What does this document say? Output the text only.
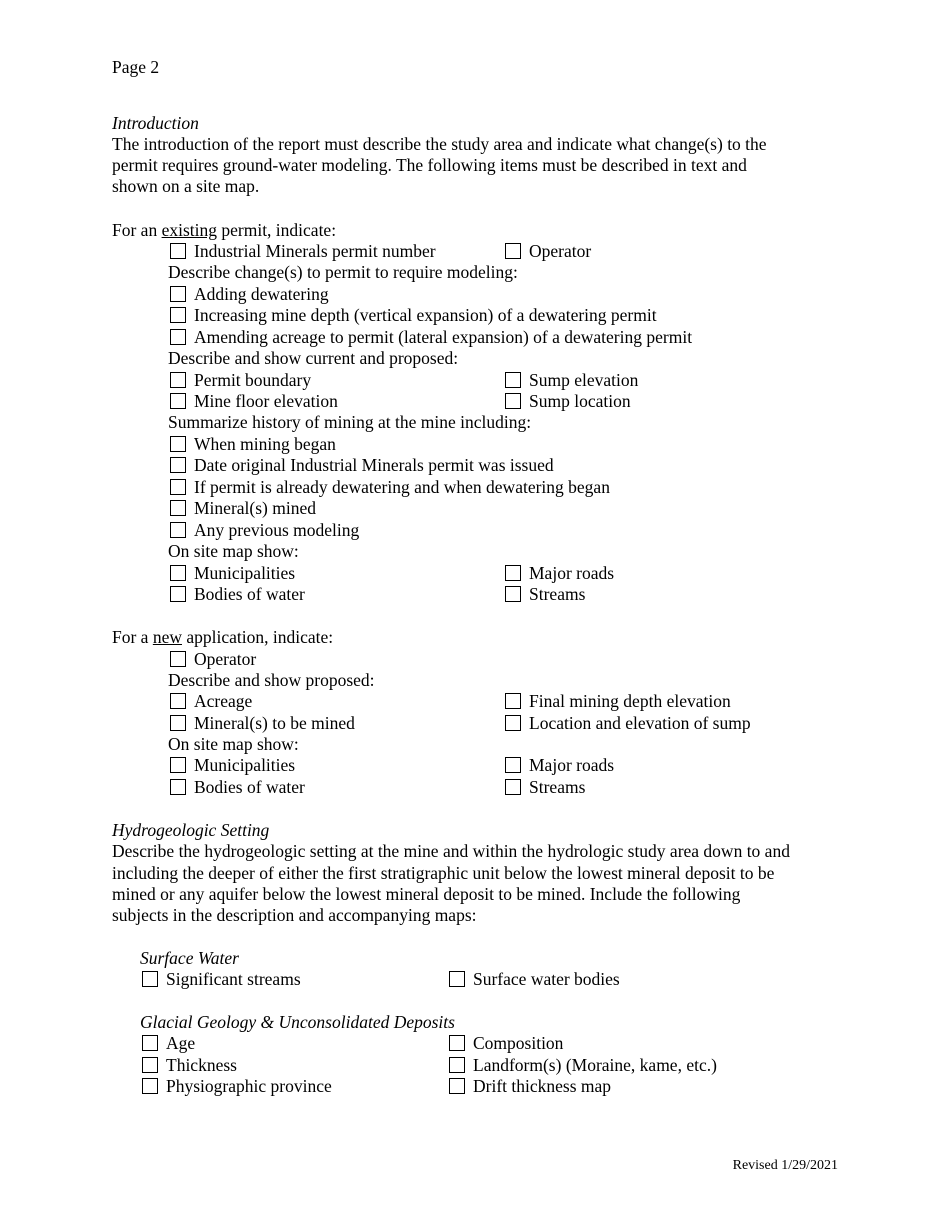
Page 2
Introduction
The introduction of the report must describe the study area and indicate what change(s) to the
permit requires ground-water modeling. The following items must be described in text and
shown on a site map.
For an existing permit, indicate:
Industrial Minerals permit number	Operator
Describe change(s) to permit to require modeling:
Adding dewatering
Increasing mine depth (vertical expansion) of a dewatering permit
Amending acreage to permit (lateral expansion) of a dewatering permit
Describe and show current and proposed:
Permit boundary	Sump elevation
Mine floor elevation	Sump location
Summarize history of mining at the mine including:
When mining began
Date original Industrial Minerals permit was issued
If permit is already dewatering and when dewatering began
Mineral(s) mined
Any previous modeling
On site map show:
Municipalities	Major roads
Bodies of water	Streams
For a new application, indicate:
Operator
Describe and show proposed:
Acreage	Final mining depth elevation
Mineral(s) to be mined	Location and elevation of sump
On site map show:
Municipalities	Major roads
Bodies of water	Streams
Hydrogeologic Setting
Describe the hydrogeologic setting at the mine and within the hydrologic study area down to and
including the deeper of either the first stratigraphic unit below the lowest mineral deposit to be
mined or any aquifer below the lowest mineral deposit to be mined. Include the following
subjects in the description and accompanying maps:
Surface Water
Significant streams	Surface water bodies
Glacial Geology & Unconsolidated Deposits
Age	Composition
Thickness	Landform(s) (Moraine, kame, etc.)
Physiographic province	Drift thickness map
Revised 1/29/2021
